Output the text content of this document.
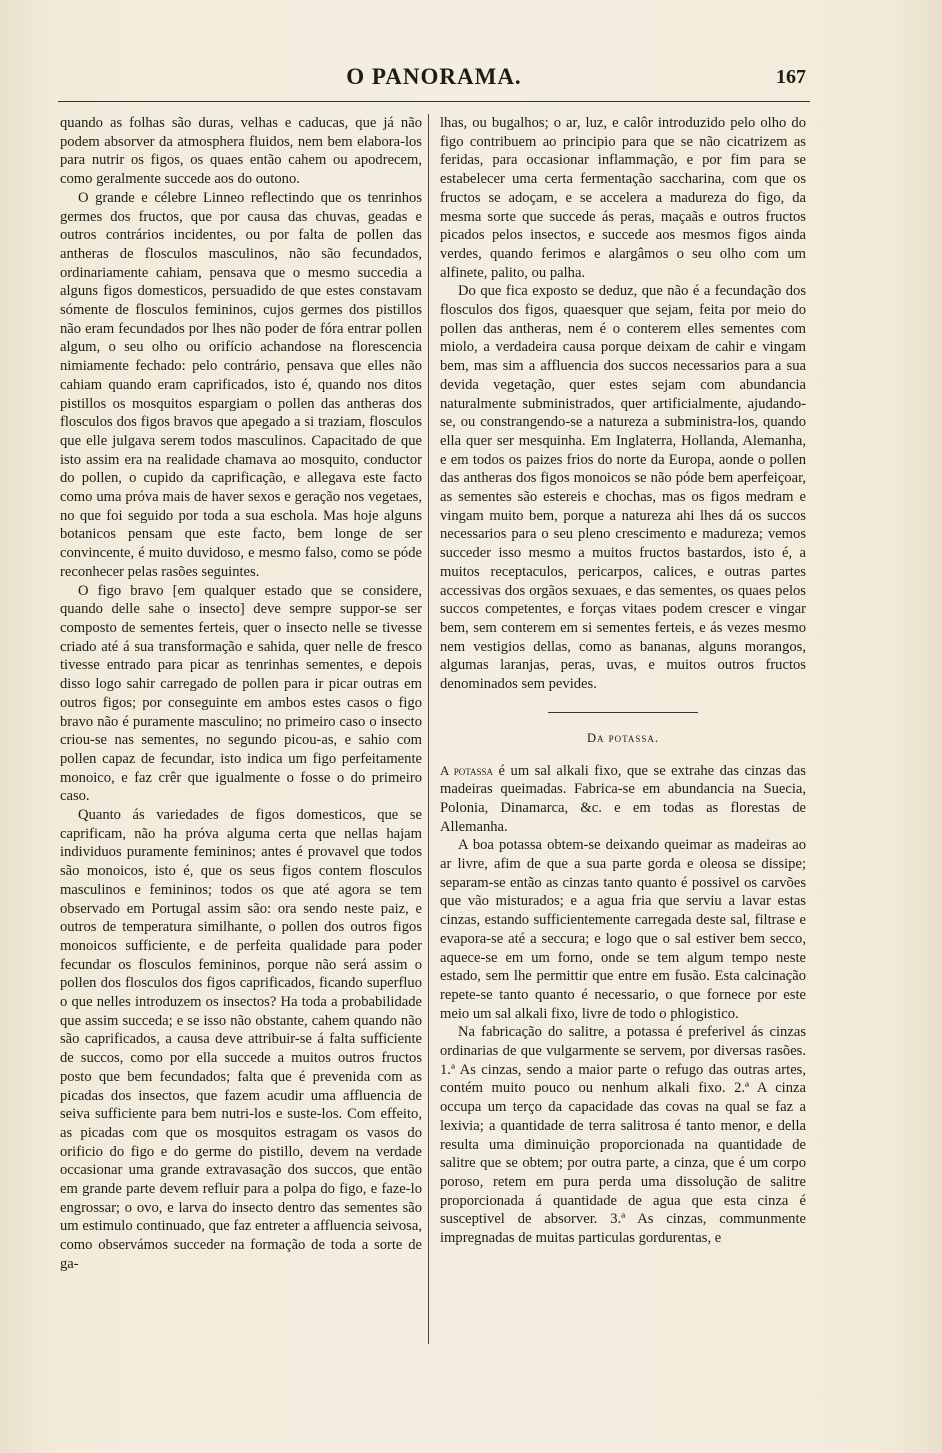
O PANORAMA.	167

quando as folhas são duras, velhas e caducas, que já não podem absorver da atmosphera fluidos, nem bem elabora-los para nutrir os figos, os quaes então cahem ou apodrecem, como geralmente succede aos do outono.

O grande e célebre Linneo reflectindo que os tenrinhos germes dos fructos, que por causa das chuvas, geadas e outros contrários incidentes, ou por falta de pollen das antheras de flosculos masculinos, não são fecundados, ordinariamente cahiam, pensava que o mesmo succedia a alguns figos domesticos, persuadido de que estes constavam sómente de flosculos femininos, cujos germes dos pistillos não eram fecundados por lhes não poder de fóra entrar pollen algum, o seu olho ou orifício achandose na florescencia nimiamente fechado: pelo contrário, pensava que elles não cahiam quando eram caprificados, isto é, quando nos ditos pistillos os mosquitos espargiam o pollen das antheras dos flosculos dos figos bravos que apegado a si traziam, flosculos que elle julgava serem todos masculinos. Capacitado de que isto assim era na realidade chamava ao mosquito, conductor do pollen, o cupido da caprificação, e allegava este facto como uma próva mais de haver sexos e geração nos vegetaes, no que foi seguido por toda a sua eschola. Mas hoje alguns botanicos pensam que este facto, bem longe de ser convincente, é muito duvidoso, e mesmo falso, como se póde reconhecer pelas rasões seguintes.

O figo bravo [em qualquer estado que se considere, quando delle sahe o insecto] deve sempre suppor-se ser composto de sementes ferteis, quer o insecto nelle se tivesse criado até á sua transformação e sahida, quer nelle de fresco tivesse entrado para picar as tenrinhas sementes, e depois disso logo sahir carregado de pollen para ir picar outras em outros figos; por conseguinte em ambos estes casos o figo bravo não é puramente masculino; no primeiro caso o insecto criou-se nas sementes, no segundo picou-as, e sahio com pollen capaz de fecundar, isto indica um figo perfeitamente monoico, e faz crêr que igualmente o fosse o do primeiro caso.

Quanto ás variedades de figos domesticos, que se caprificam, não ha próva alguma certa que nellas hajam individuos puramente femininos; antes é provavel que todos são monoicos, isto é, que os seus figos contem flosculos masculinos e femininos; todos os que até agora se tem observado em Portugal assim são: ora sendo neste paiz, e outros de temperatura similhante, o pollen dos outros figos monoicos sufficiente, e de perfeita qualidade para poder fecundar os flosculos femininos, porque não será assim o pollen dos flosculos dos figos caprificados, ficando superfluo o que nelles introduzem os insectos? Ha toda a probabilidade que assim succeda; e se isso não obstante, cahem quando não são caprificados, a causa deve attribuir-se á falta sufficiente de succos, como por ella succede a muitos outros fructos posto que bem fecundados; falta que é prevenida com as picadas dos insectos, que fazem acudir uma affluencia de seiva sufficiente para bem nutri-los e suste-los. Com effeito, as picadas com que os mosquitos estragam os vasos do orificio do figo e do germe do pistillo, devem na verdade occasionar uma grande extravasação dos succos, que então em grande parte devem refluir para a polpa do figo, e faze-lo engrossar; o ovo, e larva do insecto dentro das sementes são um estimulo continuado, que faz entreter a affluencia seivosa, como observámos succeder na formação de toda a sorte de ga-

lhas, ou bugalhos; o ar, luz, e calôr introduzido pelo olho do figo contribuem ao principio para que se não cicatrizem as feridas, para occasionar inflammação, e por fim para se estabelecer uma certa fermentação saccharina, com que os fructos se adoçam, e se accelera a madureza do figo, da mesma sorte que succede ás peras, maçaãs e outros fructos picados pelos insectos, e succede aos mesmos figos ainda verdes, quando ferimos e alargâmos o seu olho com um alfinete, palito, ou palha.

Do que fica exposto se deduz, que não é a fecundação dos flosculos dos figos, quaesquer que sejam, feita por meio do pollen das antheras, nem é o conterem elles sementes com miolo, a verdadeira causa porque deixam de cahir e vingam bem, mas sim a affluencia dos succos necessarios para a sua devida vegetação, quer estes sejam com abundancia naturalmente subministrados, quer artificialmente, ajudando-se, ou constrangendo-se a natureza a subministra-los, quando ella quer ser mesquinha. Em Inglaterra, Hollanda, Alemanha, e em todos os paizes frios do norte da Europa, aonde o pollen das antheras dos figos monoicos se não póde bem aperfeiçoar, as sementes são estereis e chochas, mas os figos medram e vingam muito bem, porque a natureza ahi lhes dá os succos necessarios para o seu pleno crescimento e madureza; vemos succeder isso mesmo a muitos fructos bastardos, isto é, a muitos receptaculos, pericarpos, calices, e outras partes accessivas dos orgãos sexuaes, e das sementes, os quaes pelos succos competentes, e forças vitaes podem crescer e vingar bem, sem conterem em si sementes ferteis, e ás vezes mesmo nem vestigios dellas, como as bananas, alguns morangos, algumas laranjas, peras, uvas, e muitos outros fructos denominados sem pevides.

Da potassa.

A potassa é um sal alkali fixo, que se extrahe das cinzas das madeiras queimadas. Fabrica-se em abundancia na Suecia, Polonia, Dinamarca, &c. e em todas as florestas de Allemanha.

A boa potassa obtem-se deixando queimar as madeiras ao ar livre, afim de que a sua parte gorda e oleosa se dissipe; separam-se então as cinzas tanto quanto é possivel os carvões que vão misturados; e a agua fria que serviu a lavar estas cinzas, estando sufficientemente carregada deste sal, filtrase e evapora-se até a seccura; e logo que o sal estiver bem secco, aquece-se em um forno, onde se tem algum tempo neste estado, sem lhe permittir que entre em fusão. Esta calcinação repete-se tanto quanto é necessario, o que fornece por este meio um sal alkali fixo, livre de todo o phlogistico.

Na fabricação do salitre, a potassa é preferivel ás cinzas ordinarias de que vulgarmente se servem, por diversas rasões. 1.ª As cinzas, sendo a maior parte o refugo das outras artes, contém muito pouco ou nenhum alkali fixo. 2.ª A cinza occupa um terço da capacidade das covas na qual se faz a lexivia; a quantidade de terra salitrosa é tanto menor, e della resulta uma diminuição proporcionada na quantidade de salitre que se obtem; por outra parte, a cinza, que é um corpo poroso, retem em pura perda uma dissolução de salitre proporcionada á quantidade de agua que esta cinza é susceptivel de absorver. 3.ª As cinzas, communmente impregnadas de muitas particulas gordurentas, e
